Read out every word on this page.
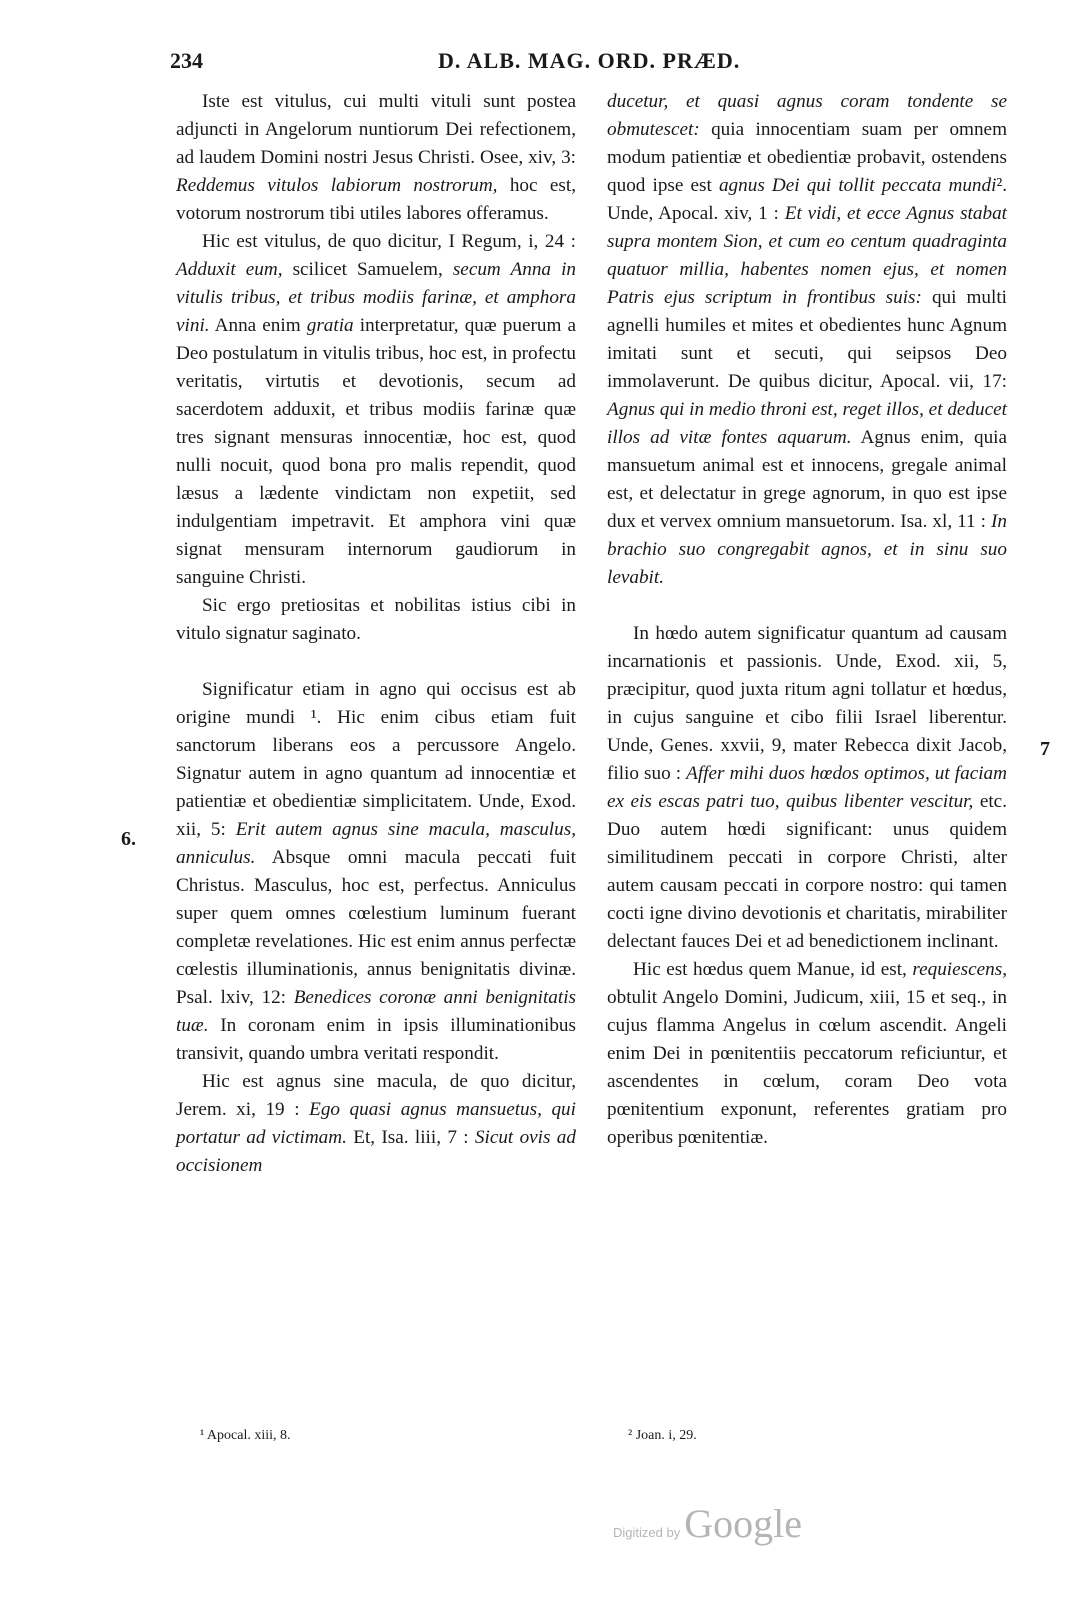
234	D. ALB. MAG. ORD. PRÆD.

Iste est vitulus, cui multi vituli sunt postea adjuncti in Angelorum nuntiorum Dei refectionem, ad laudem Domini nostri Jesus Christi. Osee, xiv, 3: Reddemus vitulos labiorum nostrorum, hoc est, votorum nostrorum tibi utiles labores offeramus.

Hic est vitulus, de quo dicitur, I Regum, i, 24 : Adduxit eum, scilicet Samuelem, secum Anna in vitulis tribus, et tribus modiis farinæ, et amphora vini. Anna enim gratia interpretatur, quæ puerum a Deo postulatum in vitulis tribus, hoc est, in profectu veritatis, virtutis et devotionis, secum ad sacerdotem adduxit, et tribus modiis farinæ quæ tres signant mensuras innocentiæ, hoc est, quod nulli nocuit, quod bona pro malis rependit, quod læsus a lædente vindictam non expetiit, sed indulgentiam impetravit. Et amphora vini quæ signat mensuram internorum gaudiorum in sanguine Christi.

Sic ergo pretiositas et nobilitas istius cibi in vitulo signatur saginato.

Significatur etiam in agno qui occisus est ab origine mundi ¹. Hic enim cibus etiam fuit sanctorum liberans eos a percussore Angelo. Signatur autem in agno quantum ad innocentiæ et patientiæ et obedientiæ simplicitatem. Unde, Exod. xii, 5: Erit autem agnus sine macula, masculus, anniculus. Absque omni macula peccati fuit Christus. Masculus, hoc est, perfectus. Anniculus super quem omnes cœlestium luminum fuerant completæ revelationes. Hic est enim annus perfectæ cœlestis illuminationis, annus benignitatis divinæ. Psal. lxiv, 12: Benedices coronæ anni benignitatis tuæ. In coronam enim in ipsis illuminationibus transivit, quando umbra veritati respondit.

Hic est agnus sine macula, de quo dicitur, Jerem. xi, 19 : Ego quasi agnus mansuetus, qui portatur ad victimam. Et, Isa. liii, 7 : Sicut ovis ad occisionem

ducetur, et quasi agnus coram tondente se obmutescet: quia innocentiam suam per omnem modum patientiæ et obedientiæ probavit, ostendens quod ipse est agnus Dei qui tollit peccata mundi². Unde, Apocal. xiv, 1 : Et vidi, et ecce Agnus stabat supra montem Sion, et cum eo centum quadraginta quatuor millia, habentes nomen ejus, et nomen Patris ejus scriptum in frontibus suis: qui multi agnelli humiles et mites et obedientes hunc Agnum imitati sunt et secuti, qui seipsos Deo immolaverunt. De quibus dicitur, Apocal. vii, 17: Agnus qui in medio throni est, reget illos, et deducet illos ad vitæ fontes aquarum. Agnus enim, quia mansuetum animal est et innocens, gregale animal est, et delectatur in grege agnorum, in quo est ipse dux et vervex omnium mansuetorum. Isa. xl, 11 : In brachio suo congregabit agnos, et in sinu suo levabit.

In hœdo autem significatur quantum ad causam incarnationis et passionis. Unde, Exod. xii, 5, præcipitur, quod juxta ritum agni tollatur et hœdus, in cujus sanguine et cibo filii Israel liberentur. Unde, Genes. xxvii, 9, mater Rebecca dixit Jacob, filio suo : Affer mihi duos hœdos optimos, ut faciam ex eis escas patri tuo, quibus libenter vescitur, etc. Duo autem hœdi significant: unus quidem similitudinem peccati in corpore Christi, alter autem causam peccati in corpore nostro: qui tamen cocti igne divino devotionis et charitatis, mirabiliter delectant fauces Dei et ad benedictionem inclinant.

Hic est hœdus quem Manue, id est, requiescens, obtulit Angelo Domini, Judicum, xiii, 15 et seq., in cujus flamma Angelus in cœlum ascendit. Angeli enim Dei in pœnitentiis peccatorum reficiuntur, et ascendentes in cœlum, coram Deo vota pœnitentium exponunt, referentes gratiam pro operibus pœnitentiæ.

6.
7
¹ Apocal. xiii, 8.	² Joan. i, 29.
Digitized by Google
